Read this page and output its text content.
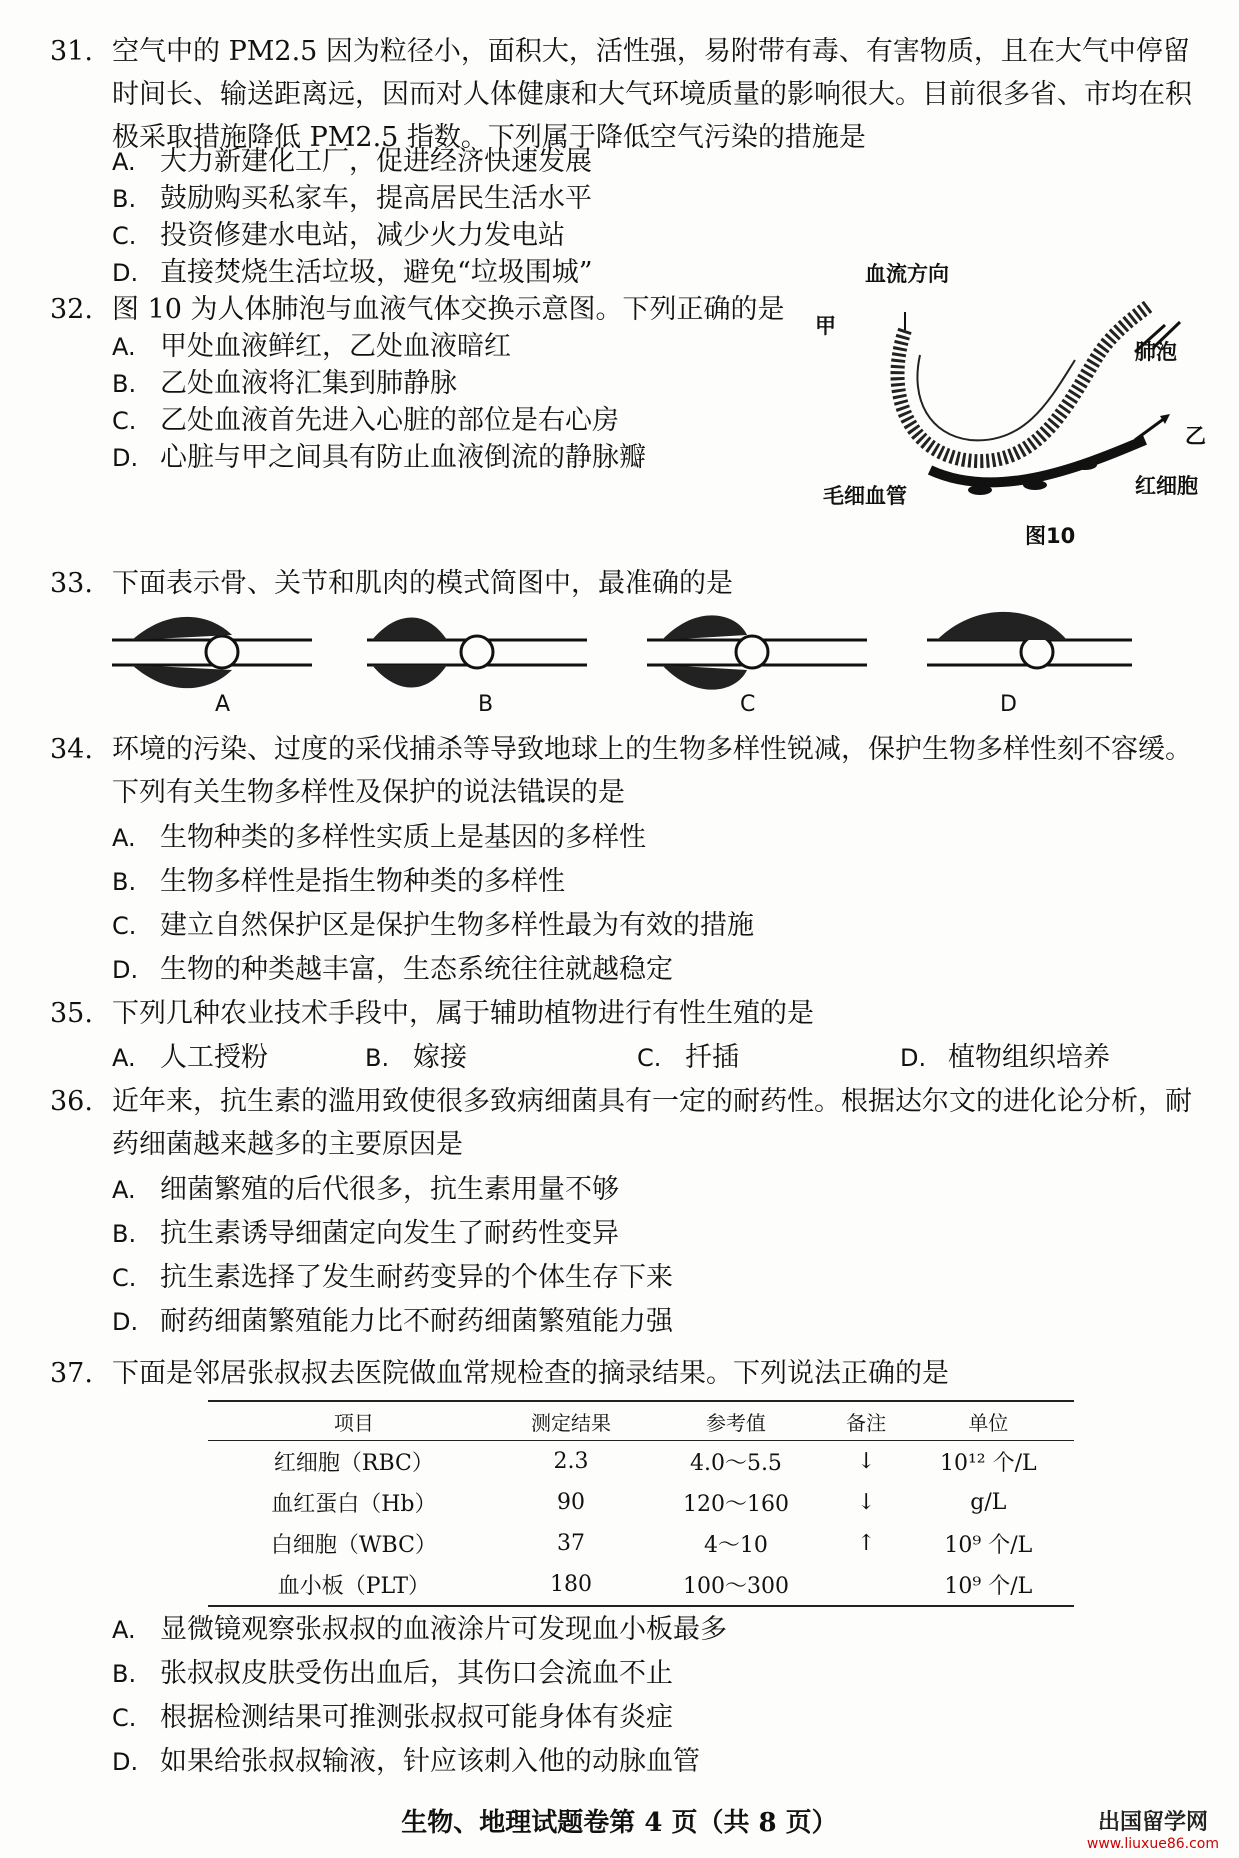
31. 空气中的 PM2.5 因为粒径小，面积大，活性强，易附带有毒、有害物质，且在大气中停留时间长、输送距离远，因而对人体健康和大气环境质量的影响很大。目前很多省、市均在积极采取措施降低 PM2.5 指数。下列属于降低空气污染的措施是
A. 大力新建化工厂，促进经济快速发展
B. 鼓励购买私家车，提高居民生活水平
C. 投资修建水电站，减少火力发电站
D. 直接焚烧生活垃圾，避免“垃圾围城”
32. 图 10 为人体肺泡与血液气体交换示意图。下列正确的是
A. 甲处血液鲜红，乙处血液暗红
B. 乙处血液将汇集到肺静脉
C. 乙处血液首先进入心脏的部位是右心房
D. 心脏与甲之间具有防止血液倒流的静脉瓣
血流方向
甲
肺泡
乙
毛细血管	红细胞
图10
33. 下面表示骨、关节和肌肉的模式简图中，最准确的是
A	B	C	D
34. 环境的污染、过度的采伐捕杀等导致地球上的生物多样性锐减，保护生物多样性刻不容缓。下列有关生物多样性及保护的说法错误的是
A. 生物种类的多样性实质上是基因的多样性
B. 生物多样性是指生物种类的多样性
C. 建立自然保护区是保护生物多样性最为有效的措施
D. 生物的种类越丰富，生态系统往往就越稳定
35. 下列几种农业技术手段中，属于辅助植物进行有性生殖的是
A. 人工授粉	B. 嫁接	C. 扦插	D. 植物组织培养
36. 近年来，抗生素的滥用致使很多致病细菌具有一定的耐药性。根据达尔文的进化论分析，耐药细菌越来越多的主要原因是
A. 细菌繁殖的后代很多，抗生素用量不够
B. 抗生素诱导细菌定向发生了耐药性变异
C. 抗生素选择了发生耐药变异的个体生存下来
D. 耐药细菌繁殖能力比不耐药细菌繁殖能力强
37. 下面是邻居张叔叔去医院做血常规检查的摘录结果。下列说法正确的是
项目	测定结果	参考值	备注	单位
红细胞（RBC）	2.3	4.0～5.5	↓	10¹² 个/L
血红蛋白（Hb）	90	120～160	↓	g/L
白细胞（WBC）	37	4～10	↑	10⁹ 个/L
血小板（PLT）	180	100～300		10⁹ 个/L
A. 显微镜观察张叔叔的血液涂片可发现血小板最多
B. 张叔叔皮肤受伤出血后，其伤口会流血不止
C. 根据检测结果可推测张叔叔可能身体有炎症
D. 如果给张叔叔输液，针应该刺入他的动脉血管
生物、地理试题卷第 4 页（共 8 页）	出国留学网
www.liuxue86.com
